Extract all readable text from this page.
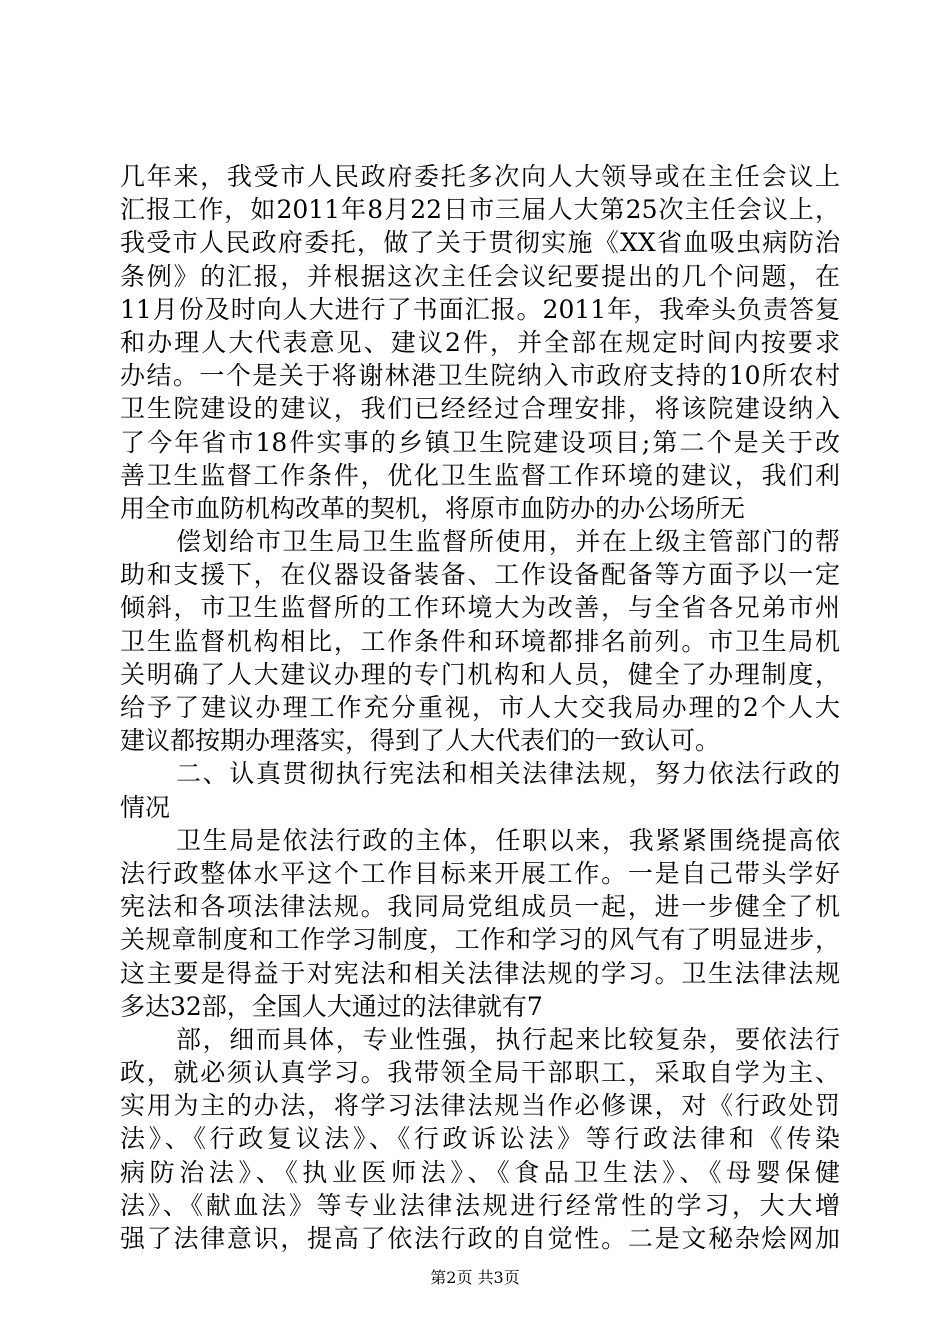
几年来，我受市人民政府委托多次向人大领导或在主任会议上
汇报工作，如2011年8月22日市三届人大第25次主任会议上，
我受市人民政府委托，做了关于贯彻实施《XX省血吸虫病防治
条例》的汇报，并根据这次主任会议纪要提出的几个问题，在
11月份及时向人大进行了书面汇报。2011年，我牵头负责答复
和办理人大代表意见、建议2件，并全部在规定时间内按要求
办结。一个是关于将谢林港卫生院纳入市政府支持的10所农村
卫生院建设的建议，我们已经经过合理安排，将该院建设纳入
了今年省市18件实事的乡镇卫生院建设项目;第二个是关于改
善卫生监督工作条件，优化卫生监督工作环境的建议，我们利
用全市血防机构改革的契机，将原市血防办的办公场所无
偿划给市卫生局卫生监督所使用，并在上级主管部门的帮
助和支援下，在仪器设备装备、工作设备配备等方面予以一定
倾斜，市卫生监督所的工作环境大为改善，与全省各兄弟市州
卫生监督机构相比，工作条件和环境都排名前列。市卫生局机
关明确了人大建议办理的专门机构和人员，健全了办理制度，
给予了建议办理工作充分重视，市人大交我局办理的2个人大
建议都按期办理落实，得到了人大代表们的一致认可。
二、认真贯彻执行宪法和相关法律法规，努力依法行政的
情况
卫生局是依法行政的主体，任职以来，我紧紧围绕提高依
法行政整体水平这个工作目标来开展工作。一是自己带头学好
宪法和各项法律法规。我同局党组成员一起，进一步健全了机
关规章制度和工作学习制度，工作和学习的风气有了明显进步，
这主要是得益于对宪法和相关法律法规的学习。卫生法律法规
多达32部，全国人大通过的法律就有7
部，细而具体，专业性强，执行起来比较复杂，要依法行
政，就必须认真学习。我带领全局干部职工，采取自学为主、
实用为主的办法，将学习法律法规当作必修课，对《行政处罚
法》、《行政复议法》、《行政诉讼法》等行政法律和《传染
病防治法》、《执业医师法》、《食品卫生法》、《母婴保健
法》、《献血法》等专业法律法规进行经常性的学习，大大增
强了法律意识，提高了依法行政的自觉性。二是文秘杂烩网加
第2页 共3页
